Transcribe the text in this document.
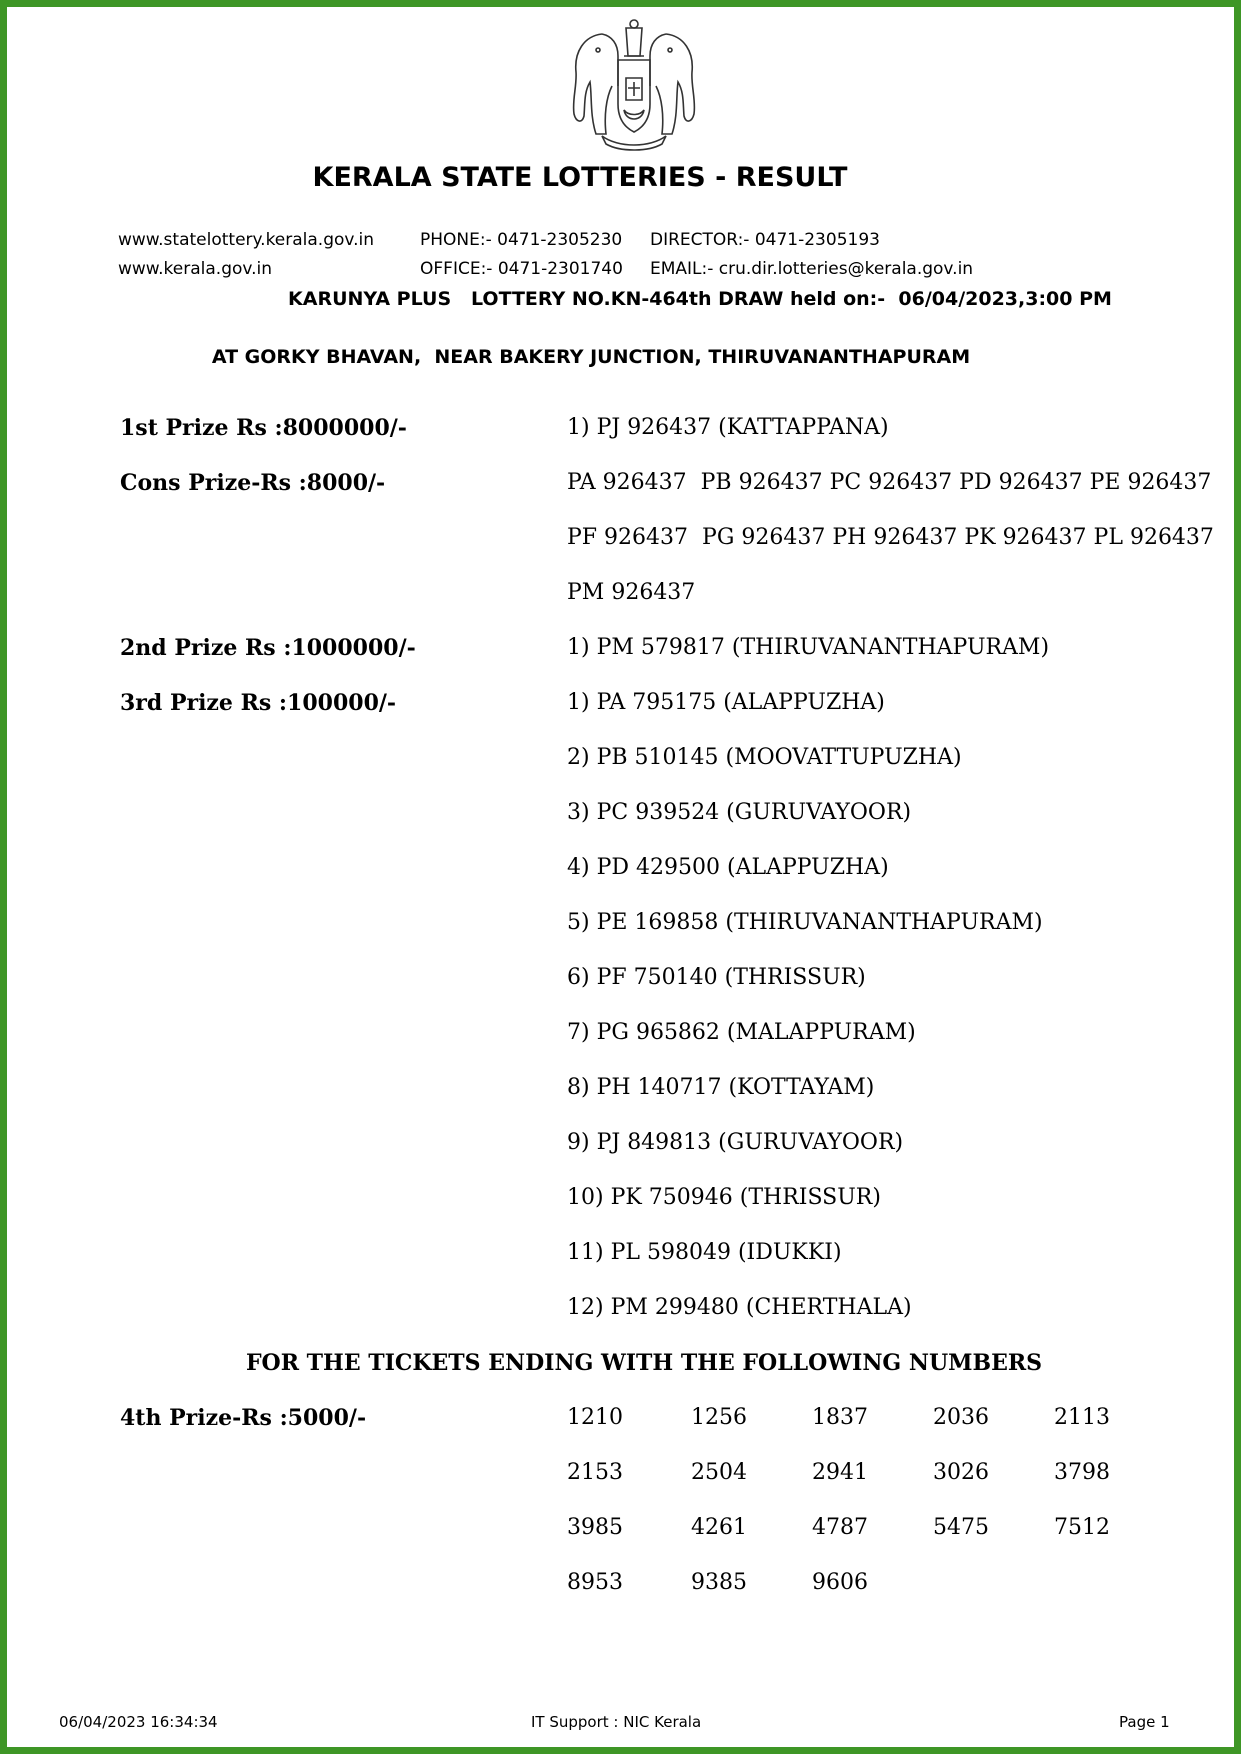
KERALA STATE LOTTERIES - RESULT
www.statelottery.kerala.gov.in	PHONE:- 0471-2305230 DIRECTOR:- 0471-2305193
www.kerala.gov.in	OFFICE:- 0471-2301740 EMAIL:- cru.dir.lotteries@kerala.gov.in
KARUNYA PLUS   LOTTERY NO.KN-464th DRAW held on:-  06/04/2023,3:00 PM
AT GORKY BHAVAN,  NEAR BAKERY JUNCTION, THIRUVANANTHAPURAM
1st Prize Rs :8000000/-	1) PJ 926437 (KATTAPPANA)
Cons Prize-Rs :8000/-	PA 926437  PB 926437 PC 926437 PD 926437 PE 926437
PF 926437  PG 926437 PH 926437 PK 926437 PL 926437
PM 926437
2nd Prize Rs :1000000/-	1) PM 579817 (THIRUVANANTHAPURAM)
3rd Prize Rs :100000/-	1) PA 795175 (ALAPPUZHA)
2) PB 510145 (MOOVATTUPUZHA)
3) PC 939524 (GURUVAYOOR)
4) PD 429500 (ALAPPUZHA)
5) PE 169858 (THIRUVANANTHAPURAM)
6) PF 750140 (THRISSUR)
7) PG 965862 (MALAPPURAM)
8) PH 140717 (KOTTAYAM)
9) PJ 849813 (GURUVAYOOR)
10) PK 750946 (THRISSUR)
11) PL 598049 (IDUKKI)
12) PM 299480 (CHERTHALA)
FOR THE TICKETS ENDING WITH THE FOLLOWING NUMBERS
4th Prize-Rs :5000/-	1210	1256	1837	2036	2113
2153	2504	2941	3026	3798
3985	4261	4787	5475	7512
8953	9385	9606
06/04/2023 16:34:34	IT Support : NIC Kerala	Page 1
